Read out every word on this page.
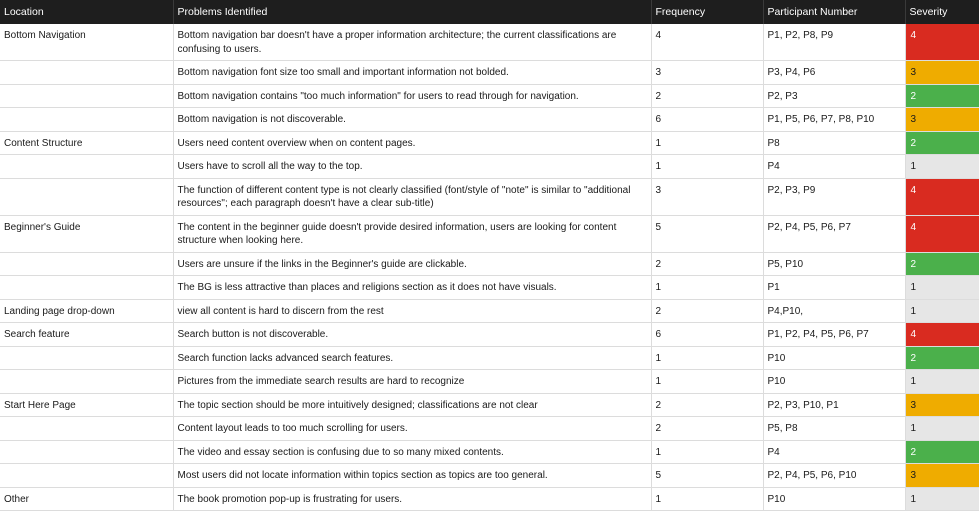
Location	Problems Identified	Frequency	Participant Number	Severity
Bottom Navigation	Bottom navigation bar doesn't have a proper information architecture; the current classifications are confusing to users.	4	P1, P2, P8, P9	4
	Bottom navigation font size too small and important information not bolded.	3	P3, P4, P6	3
	Bottom navigation contains "too much information" for users to read through for navigation.	2	P2, P3	2
	Bottom navigation is not discoverable.	6	P1, P5, P6, P7, P8, P10	3
Content Structure	Users need content overview when on content pages.	1	P8	2
	Users have to scroll all the way to the top.	1	P4	1
	The function of different content type is not clearly classified (font/style of "note" is similar to "additional resources"; each paragraph doesn't have a clear sub-title)	3	P2, P3, P9	4
Beginner's Guide	The content in the beginner guide doesn't provide desired information, users are looking for content structure when looking here.	5	P2, P4, P5, P6, P7	4
	Users are unsure if the links in the Beginner's guide are clickable.	2	P5, P10	2
	The BG is less attractive than places and religions section as it does not have visuals.	1	P1	1
Landing page drop-down	view all content is hard to discern from the rest	2	P4,P10,	1
Search feature	Search button is not discoverable.	6	P1, P2, P4, P5, P6, P7	4
	Search function lacks advanced search features.	1	P10	2
	Pictures from the immediate search results are hard to recognize	1	P10	1
Start Here Page	The topic section should be more intuitively designed; classifications are not clear	2	P2, P3, P10, P1	3
	Content layout leads to too much scrolling for users.	2	P5, P8	1
	The video and essay section is confusing due to so many mixed contents.	1	P4	2
	Most users did not locate information within topics section as topics are too general.	5	P2, P4, P5, P6, P10	3
Other	The book promotion pop-up is frustrating for users.	1	P10	1
